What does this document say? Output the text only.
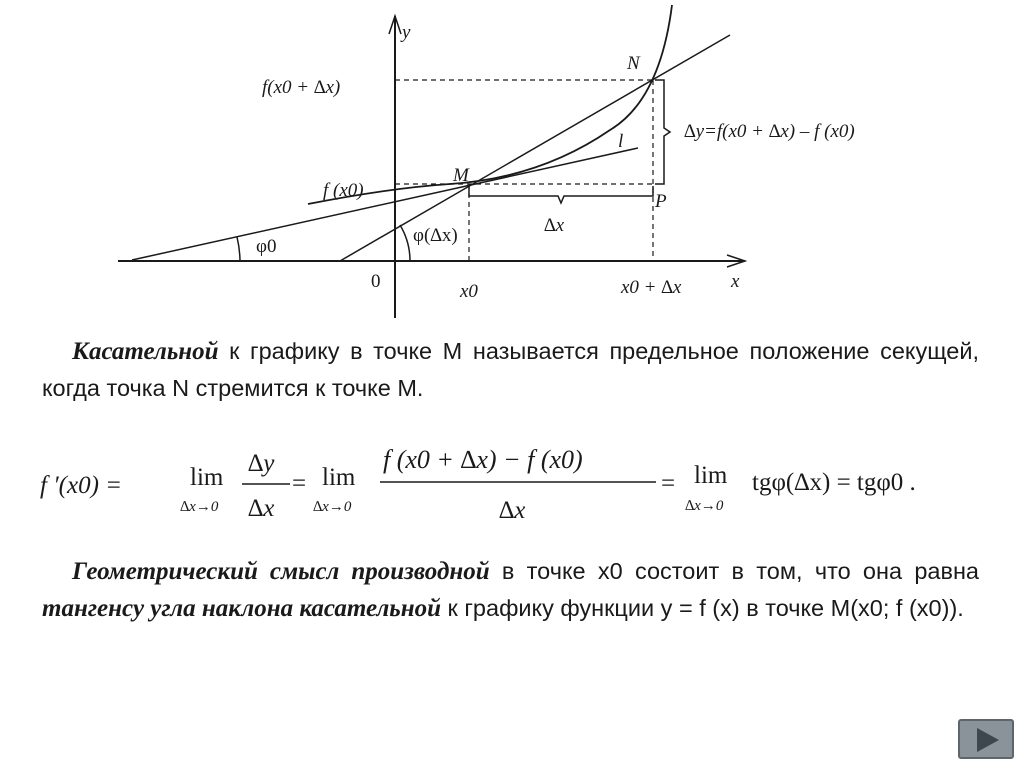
y
x
0
N
M
P
l
f(x0 + ∆x)
f (x0)
x0	x0 + ∆x
∆x
∆y=f(x0 + ∆x) – f (x0)
φ(∆x)
φ0

Касательной к графику в точке M называется предельное положение секущей, когда точка N стремится к точке M.

f ′(x0) =	lim
∆x→0
∆y
∆x
= lim
∆x→0
f (x0 + ∆x) − f (x0)
∆x
= lim
∆x→0
tgφ(∆x) = tgφ0 .

Геометрический смысл производной в точке x0 состоит в том, что она равна тангенсу угла наклона касательной к графику функции y = f (x) в точке M(x0; f (x0)).
